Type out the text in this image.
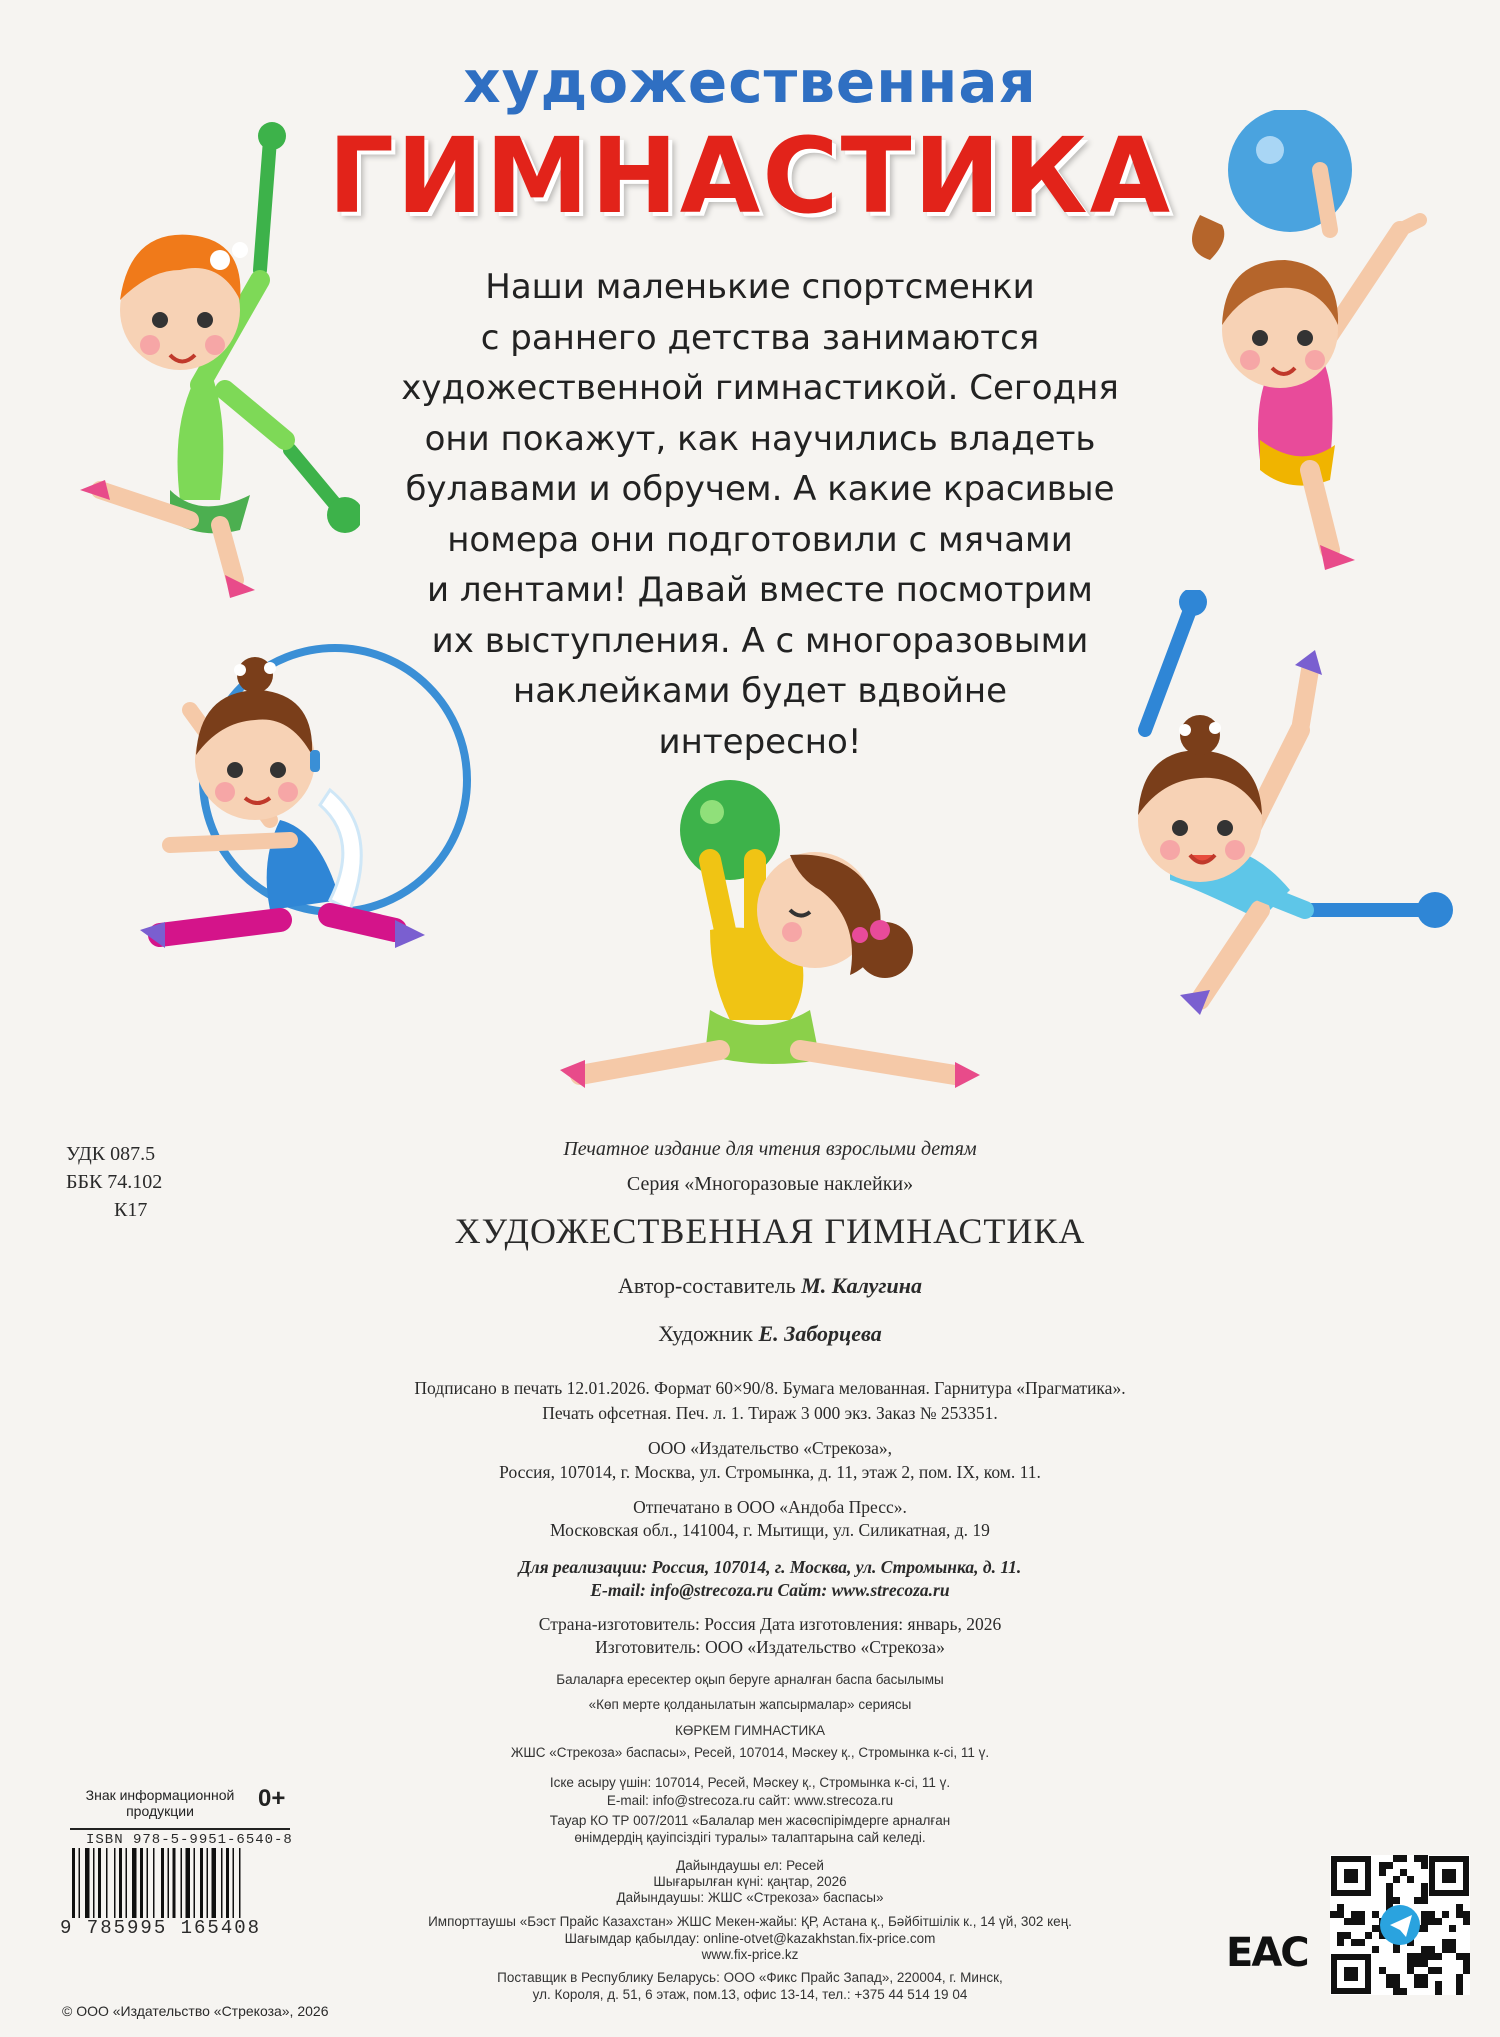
художественная
ГИМНАСТИКА
Наши маленькие спортсменки
с раннего детства занимаются
художественной гимнастикой. Сегодня
они покажут, как научились владеть
булавами и обручем. А какие красивые
номера они подготовили с мячами
и лентами! Давай вместе посмотрим
их выступления. А с многоразовыми
наклейками будет вдвойне
интересно!
УДК 087.5
ББК 74.102
К17
Печатное издание для чтения взрослыми детям
Серия «Многоразовые наклейки»
ХУДОЖЕСТВЕННАЯ ГИМНАСТИКА
Автор-составитель М. Калугина
Художник Е. Заборцева
Подписано в печать 12.01.2026. Формат 60×90/8. Бумага мелованная. Гарнитура «Прагматика».
Печать офсетная. Печ. л. 1. Тираж 3 000 экз. Заказ № 253351.
ООО «Издательство «Стрекоза»,
Россия, 107014, г. Москва, ул. Стромынка, д. 11, этаж 2, пом. IX, ком. 11.
Отпечатано в ООО «Андоба Пресс».
Московская обл., 141004, г. Мытищи, ул. Силикатная, д. 19
Для реализации: Россия, 107014, г. Москва, ул. Стромынка, д. 11.
E-mail: info@strecoza.ru Сайт: www.strecoza.ru
Страна-изготовитель: Россия Дата изготовления: январь, 2026
Изготовитель: ООО «Издательство «Стрекоза»
Балаларға ересектер оқып беруге арналған баспа басылымы
«Көп мерте қолданылатын жапсырмалар» сериясы
КӨРКЕМ ГИМНАСТИКА
ЖШС «Стрекоза» баспасы», Ресей, 107014, Мәскеу қ., Стромынка к-сі, 11 ү.
Іске асыру үшін: 107014, Ресей, Мәскеу қ., Стромынка к-сі, 11 ү.
E-mail: info@strecoza.ru сайт: www.strecoza.ru
Тауар КО ТР 007/2011 «Балалар мен жасөспірімдерге арналған
өнімдердің қауіпсіздігі туралы» талаптарына сай келеді.
Дайындаушы ел: Ресей
Шығарылған күні: қаңтар, 2026
Дайындаушы: ЖШС «Стрекоза» баспасы»
Импорттаушы «Бэст Прайс Казахстан» ЖШС Мекен-жайы: ҚР, Астана қ., Бәйбітшілік к., 14 үй, 302 кең.
Шағымдар қабылдау: online-otvet@kazakhstan.fix-price.com
www.fix-price.kz
Поставщик в Республику Беларусь: ООО «Фикс Прайс Запад», 220004, г. Минск,
ул. Короля, д. 51, 6 этаж, пом.13, офис 13-14, тел.: +375 44 514 19 04
Знак информационной продукции	0+
ISBN 978-5-9951-6540-8
9 785995 165408
© ООО «Издательство «Стрекоза», 2026
EAC
